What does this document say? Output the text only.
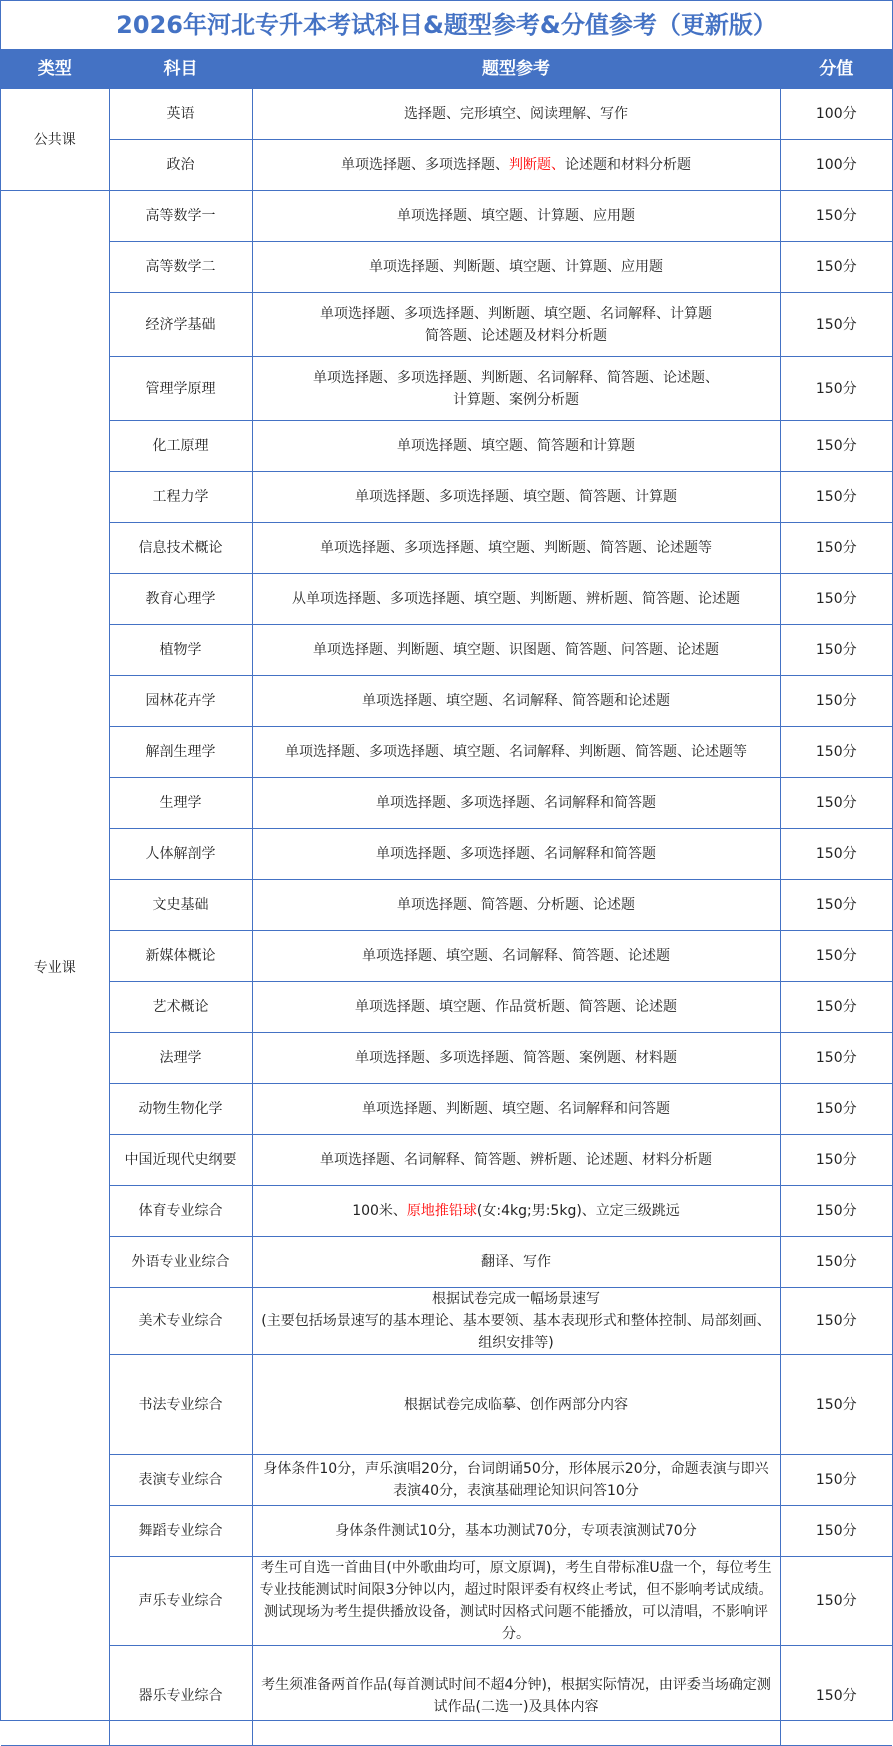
2026年河北专升本考试科目&题型参考&分值参考（更新版）
类型	科目	题型参考	分值
公共课	英语	选择题、完形填空、阅读理解、写作	100分
	政治	单项选择题、多项选择题、判断题、论述题和材料分析题	100分
专业课	高等数学一	单项选择题、填空题、计算题、应用题	150分
	高等数学二	单项选择题、判断题、填空题、计算题、应用题	150分
	经济学基础	单项选择题、多项选择题、判断题、填空题、名词解释、计算题
简答题、论述题及材料分析题	150分
	管理学原理	单项选择题、多项选择题、判断题、名词解释、简答题、论述题、
计算题、案例分析题	150分
	化工原理	单项选择题、填空题、简答题和计算题	150分
	工程力学	单项选择题、多项选择题、填空题、简答题、计算题	150分
	信息技术概论	单项选择题、多项选择题、填空题、判断题、简答题、论述题等	150分
	教育心理学	从单项选择题、多项选择题、填空题、判断题、辨析题、简答题、论述题	150分
	植物学	单项选择题、判断题、填空题、识图题、简答题、问答题、论述题	150分
	园林花卉学	单项选择题、填空题、名词解释、简答题和论述题	150分
	解剖生理学	单项选择题、多项选择题、填空题、名词解释、判断题、简答题、论述题等	150分
	生理学	单项选择题、多项选择题、名词解释和简答题	150分
	人体解剖学	单项选择题、多项选择题、名词解释和简答题	150分
	文史基础	单项选择题、简答题、分析题、论述题	150分
	新媒体概论	单项选择题、填空题、名词解释、简答题、论述题	150分
	艺术概论	单项选择题、填空题、作品赏析题、简答题、论述题	150分
	法理学	单项选择题、多项选择题、简答题、案例题、材料题	150分
	动物生物化学	单项选择题、判断题、填空题、名词解释和问答题	150分
	中国近现代史纲要	单项选择题、名词解释、简答题、辨析题、论述题、材料分析题	150分
	体育专业综合	100米、原地推铅球(女:4kg;男:5kg)、立定三级跳远	150分
	外语专业业综合	翻译、写作	150分
	美术专业综合	根据试卷完成一幅场景速写
(主要包括场景速写的基本理论、基本要领、基本表现形式和整体控制、局部刻画、组织安排等)	150分
	书法专业综合	根据试卷完成临摹、创作两部分内容	150分
	表演专业综合	身体条件10分，声乐演唱20分，台词朗诵50分，形体展示20分，命题表演与即兴表演40分，表演基础理论知识问答10分	150分
	舞蹈专业综合	身体条件测试10分，基本功测试70分，专项表演测试70分	150分
	声乐专业综合	考生可自选一首曲目(中外歌曲均可，原文原调)，考生自带标准U盘一个，每位考生专业技能测试时间限3分钟以内，超过时限评委有权终止考试，但不影响考试成绩。测试现场为考生提供播放设备，测试时因格式问题不能播放，可以清唱，不影响评分。	150分
	器乐专业综合	考生须准备两首作品(每首测试时间不超4分钟)，根据实际情况，由评委当场确定测试作品(二选一)及具体内容	150分
